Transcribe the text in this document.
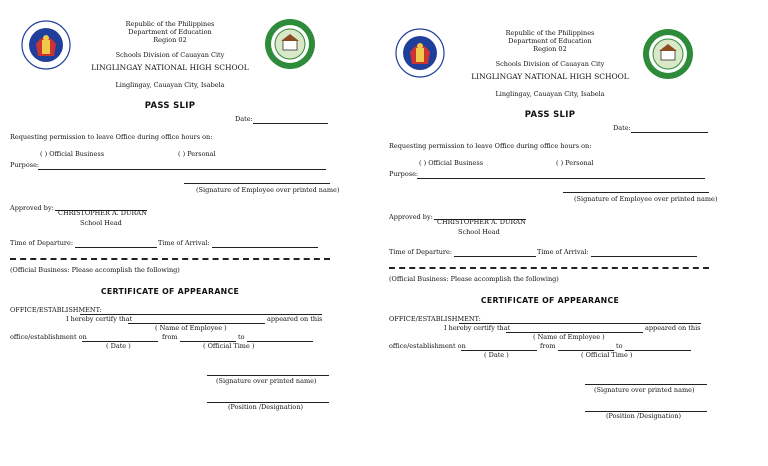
Republic of the Philippines
Department of Education
Region 02
Schools Division of Cauayan City
LINGLINGAY NATIONAL HIGH SCHOOL
Linglingay, Cauayan City, Isabela
PASS SLIP
Date:
Requesting permission to leave Office during office hours on:
( ) Official Business	( ) Personal
Purpose:
(Signature of Employee over printed name)
Approved by:
CHRISTOPHER A. DURAN
School Head
Time of Departure:	Time of Arrival:
(Official Business: Please accomplish the following)
CERTIFICATE OF APPEARANCE
OFFICE/ESTABLISHMENT:
I hereby certify that	appeared on this
( Name of Employee )
office/establishment on	from	to
( Date )	( Official Time )
(Signature over printed name)
(Position /Designation)
Republic of the Philippines
Department of Education
Region 02
Schools Division of Cauayan City
LINGLINGAY NATIONAL HIGH SCHOOL
Linglingay, Cauayan City, Isabela
PASS SLIP
Date:
Requesting permission to leave Office during office hours on:
( ) Official Business	( ) Personal
Purpose:
(Signature of Employee over printed name)
Approved by:
CHRISTOPHER A. DURAN
School Head
Time of Departure:	Time of Arrival:
(Official Business: Please accomplish the following)
CERTIFICATE OF APPEARANCE
OFFICE/ESTABLISHMENT:
I hereby certify that	appeared on this
( Name of Employee )
office/establishment on	from	to
( Date )	( Official Time )
(Signature over printed name)
(Position /Designation)
